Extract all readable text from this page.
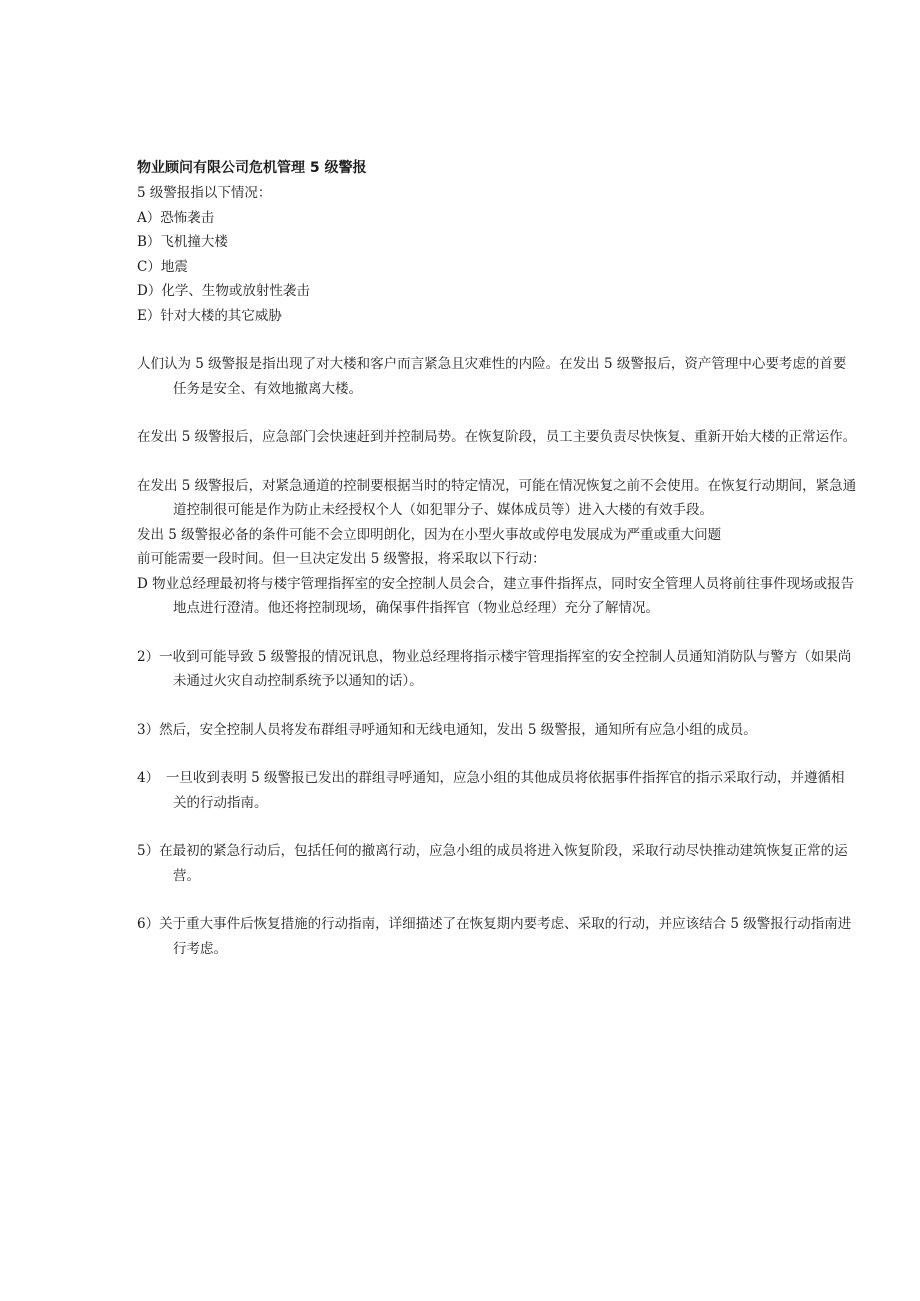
物业顾问有限公司危机管理 5 级警报

5 级警报指以下情况：

A）恐怖袭击

B）飞机撞大楼

C）地震

D）化学、生物或放射性袭击

E）针对大楼的其它威胁

人们认为 5 级警报是指出现了对大楼和客户而言紧急且灾难性的内险。在发出 5 级警报后，资产管理中心要考虑的首要任务是安全、有效地撤离大楼。

在发出 5 级警报后，应急部门会快速赶到并控制局势。在恢复阶段，员工主要负责尽快恢复、重新开始大楼的正常运作。

在发出 5 级警报后，对紧急通道的控制要根据当时的特定情况，可能在情况恢复之前不会使用。在恢复行动期间，紧急通道控制很可能是作为防止未经授权个人（如犯罪分子、媒体成员等）进入大楼的有效手段。

发出 5 级警报必备的条件可能不会立即明朗化，因为在小型火事故或停电发展成为严重或重大问题

前可能需要一段时间。但一旦决定发出 5 级警报，将采取以下行动：

D 物业总经理最初将与楼宇管理指挥室的安全控制人员会合，建立事件指挥点，同时安全管理人员将前往事件现场或报告地点进行澄清。他还将控制现场，确保事件指挥官（物业总经理）充分了解情况。

2）一收到可能导致 5 级警报的情况讯息，物业总经理将指示楼宇管理指挥室的安全控制人员通知消防队与警方（如果尚未通过火灾自动控制系统予以通知的话）。

3）然后，安全控制人员将发布群组寻呼通知和无线电通知，发出 5 级警报，通知所有应急小组的成员。

4）　一旦收到表明 5 级警报已发出的群组寻呼通知，应急小组的其他成员将依据事件指挥官的指示采取行动，并遵循相关的行动指南。

5）在最初的紧急行动后，包括任何的撤离行动，应急小组的成员将进入恢复阶段，采取行动尽快推动建筑恢复正常的运营。

6）关于重大事件后恢复措施的行动指南，详细描述了在恢复期内要考虑、采取的行动，并应该结合 5 级警报行动指南进行考虑。
